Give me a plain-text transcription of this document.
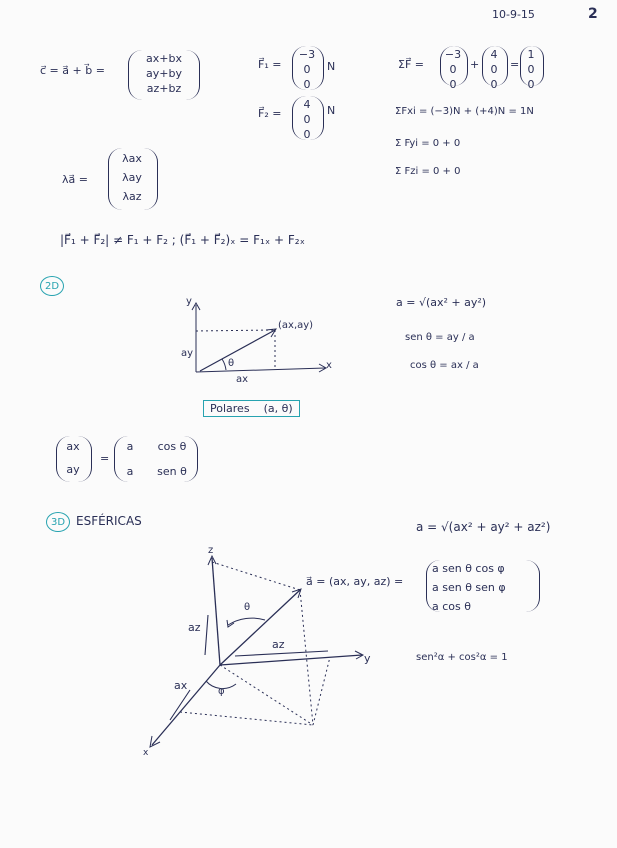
10-9-15	2
c⃗ = a⃗ + b⃗ =
ax+bx
ay+by
az+bz
F⃗₁ =
−3
0
0
N
F⃗₂ =
4
0
0
N
ΣF⃗ =
−3
0
0
+
4
0
0
=
1
0
0
ΣFxi = (−3)N + (+4)N = 1N
Σ Fyi = 0 + 0
Σ Fzi = 0 + 0
λa⃗ =
λax
λay
λaz
|F⃗₁ + F⃗₂| ≠ F₁ + F₂ ; (F⃗₁ + F⃗₂)ₓ = F₁ₓ + F₂ₓ
2D
y
x
(ax,ay)
ay
ax
θ
Polares (a, θ)
a = √(ax² + ay²)
sen θ = ay / a
cos θ = ax / a
ax
ay
=
a
a
cos θ
sen θ
3D ESFÉRICAS	a = √(ax² + ay² + az²)
z
y
x
az
az
ax
θ
φ
a⃗ = (ax, ay, az) =
a sen θ cos φ
a sen θ sen φ
a cos θ
sen²α + cos²α = 1
